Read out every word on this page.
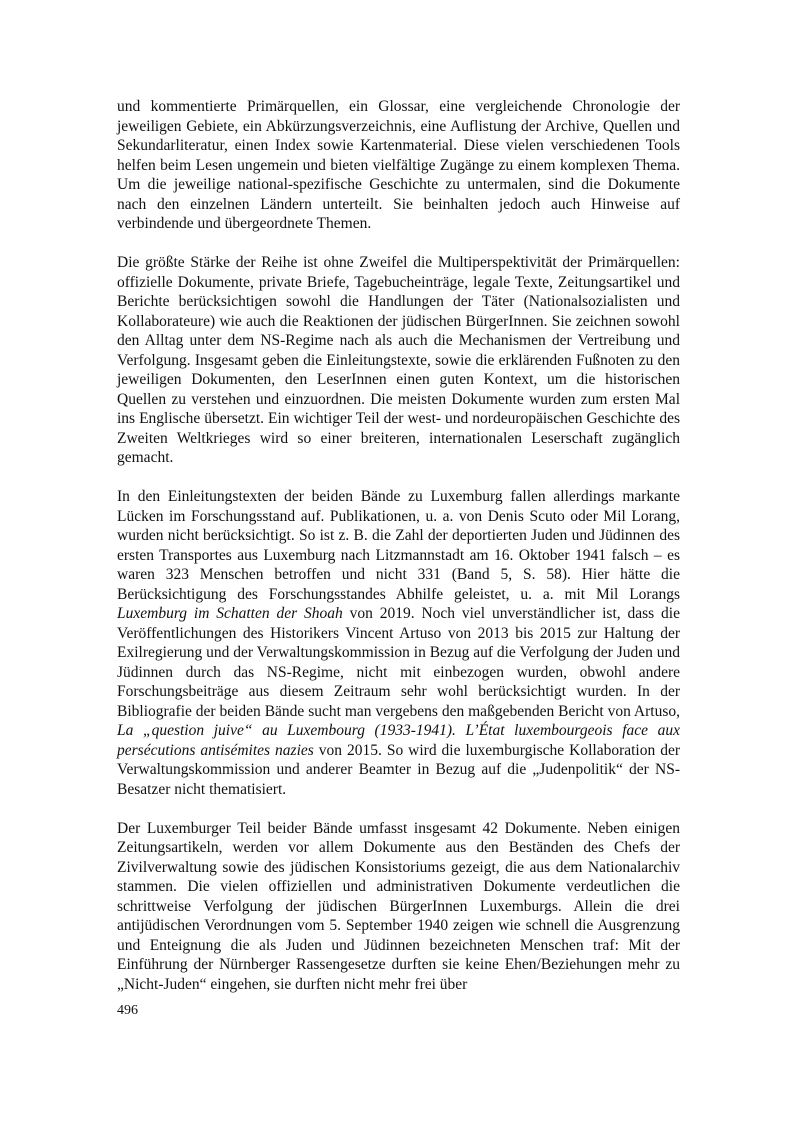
und kommentierte Primärquellen, ein Glossar, eine vergleichende Chronologie der jeweiligen Gebiete, ein Abkürzungsverzeichnis, eine Auflistung der Archive, Quellen und Sekundarliteratur, einen Index sowie Kartenmaterial. Diese vielen verschiedenen Tools helfen beim Lesen ungemein und bieten vielfältige Zugänge zu einem komplexen Thema. Um die jeweilige national-spezifische Geschichte zu untermalen, sind die Dokumente nach den einzelnen Ländern unterteilt. Sie beinhalten jedoch auch Hinweise auf verbindende und übergeordnete Themen.

Die größte Stärke der Reihe ist ohne Zweifel die Multiperspektivität der Primärquellen: offizielle Dokumente, private Briefe, Tagebucheinträge, legale Texte, Zeitungsartikel und Berichte berücksichtigen sowohl die Handlungen der Täter (Nationalsozialisten und Kollaborateure) wie auch die Reaktionen der jüdischen BürgerInnen. Sie zeichnen sowohl den Alltag unter dem NS-Regime nach als auch die Mechanismen der Vertreibung und Verfolgung. Insgesamt geben die Einleitungstexte, sowie die erklärenden Fußnoten zu den jeweiligen Dokumenten, den LeserInnen einen guten Kontext, um die historischen Quellen zu verstehen und einzuordnen. Die meisten Dokumente wurden zum ersten Mal ins Englische übersetzt. Ein wichtiger Teil der west- und nordeuropäischen Geschichte des Zweiten Weltkrieges wird so einer breiteren, internationalen Leserschaft zugänglich gemacht.

In den Einleitungstexten der beiden Bände zu Luxemburg fallen allerdings markante Lücken im Forschungsstand auf. Publikationen, u. a. von Denis Scuto oder Mil Lorang, wurden nicht berücksichtigt. So ist z. B. die Zahl der deportierten Juden und Jüdinnen des ersten Transportes aus Luxemburg nach Litzmannstadt am 16. Oktober 1941 falsch – es waren 323 Menschen betroffen und nicht 331 (Band 5, S. 58). Hier hätte die Berücksichtigung des Forschungsstandes Abhilfe geleistet, u. a. mit Mil Lorangs Luxemburg im Schatten der Shoah von 2019. Noch viel unverständlicher ist, dass die Veröffentlichungen des Historikers Vincent Artuso von 2013 bis 2015 zur Haltung der Exilregierung und der Verwaltungskommission in Bezug auf die Verfolgung der Juden und Jüdinnen durch das NS-Regime, nicht mit einbezogen wurden, obwohl andere Forschungsbeiträge aus diesem Zeitraum sehr wohl berücksichtigt wurden. In der Bibliografie der beiden Bände sucht man vergebens den maßgebenden Bericht von Artuso, La „question juive“ au Luxembourg (1933-1941). L’État luxembourgeois face aux persécutions antisémites nazies von 2015. So wird die luxemburgische Kollaboration der Verwaltungskommission und anderer Beamter in Bezug auf die „Judenpolitik“ der NS-Besatzer nicht thematisiert.

Der Luxemburger Teil beider Bände umfasst insgesamt 42 Dokumente. Neben einigen Zeitungsartikeln, werden vor allem Dokumente aus den Beständen des Chefs der Zivilverwaltung sowie des jüdischen Konsistoriums gezeigt, die aus dem Nationalarchiv stammen. Die vielen offiziellen und administrativen Dokumente verdeutlichen die schrittweise Verfolgung der jüdischen BürgerInnen Luxemburgs. Allein die drei antijüdischen Verordnungen vom 5. September 1940 zeigen wie schnell die Ausgrenzung und Enteignung die als Juden und Jüdinnen bezeichneten Menschen traf: Mit der Einführung der Nürnberger Rassengesetze durften sie keine Ehen/Beziehungen mehr zu „Nicht-Juden“ eingehen, sie durften nicht mehr frei über

496
